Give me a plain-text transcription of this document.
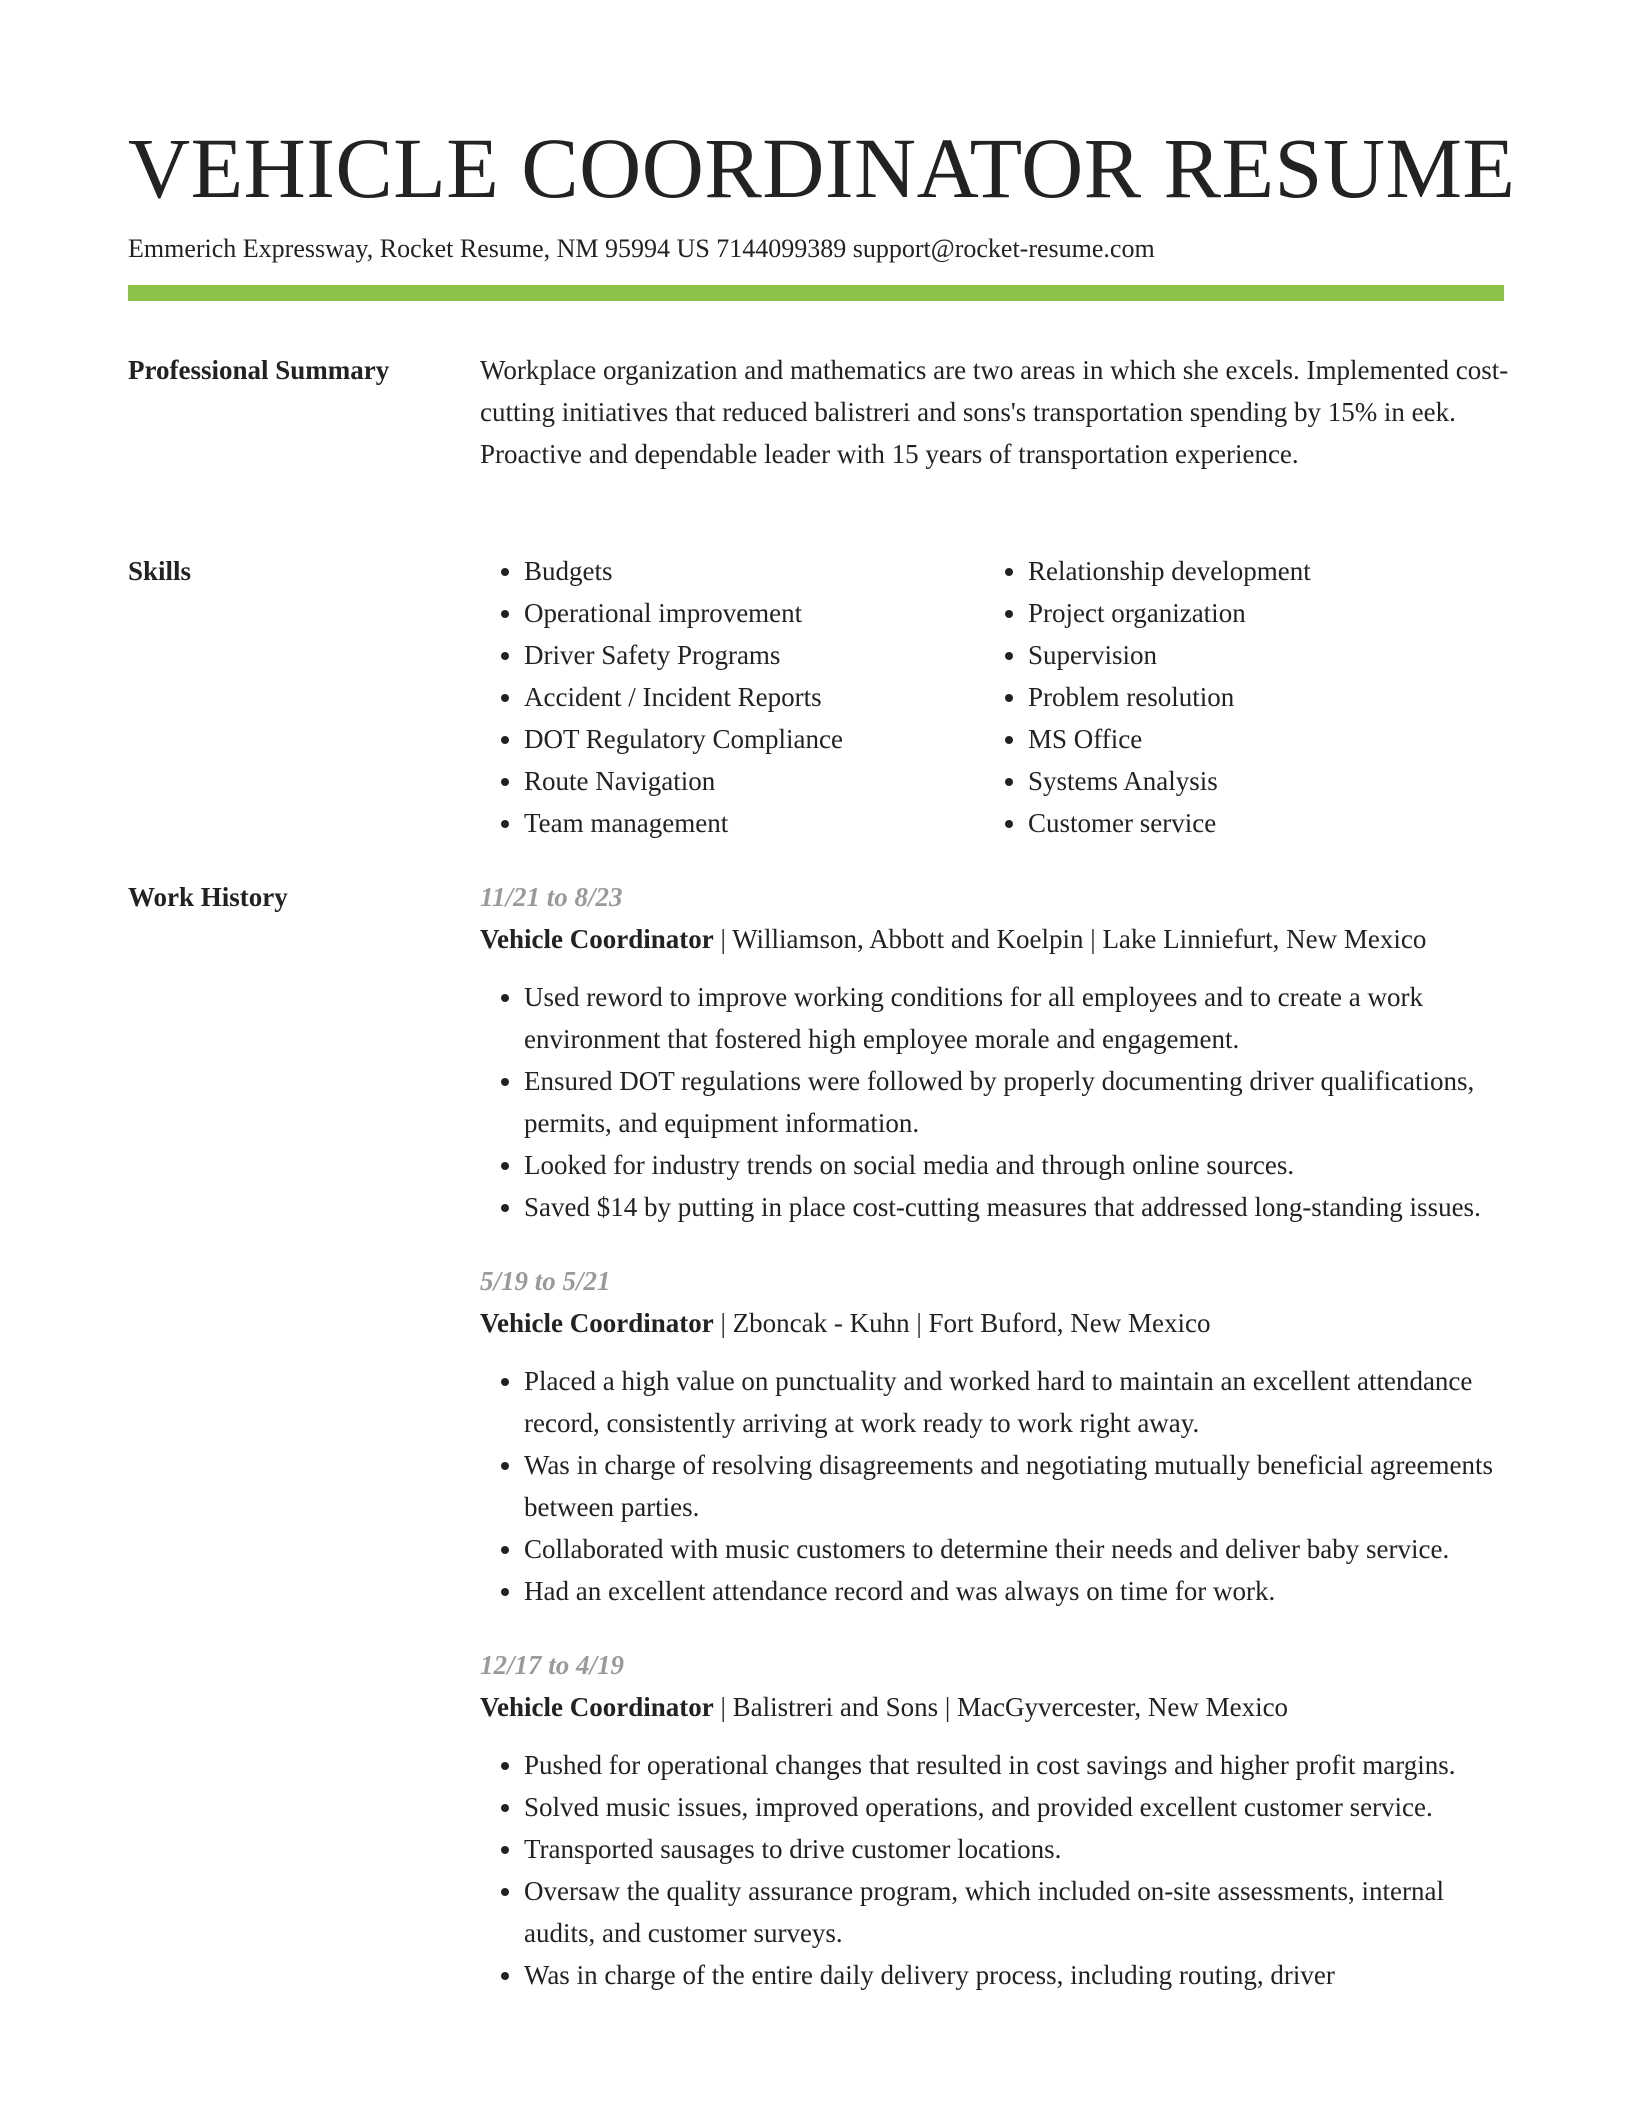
VEHICLE COORDINATOR RESUME

Emmerich Expressway, Rocket Resume, NM 95994 US 7144099389 support@rocket-resume.com

Professional Summary	Workplace organization and mathematics are two areas in which she excels. Implemented cost-cutting initiatives that reduced balistreri and sons's transportation spending by 15% in eek. Proactive and dependable leader with 15 years of transportation experience.

Skills
•	Budgets
• Operational improvement
• Driver Safety Programs
• Accident / Incident Reports
• DOT Regulatory Compliance
• Route Navigation
• Team management
• Relationship development
• Project organization
• Supervision
• Problem resolution
• MS Office
• Systems Analysis
• Customer service
Work History	11/21 to 8/23

Vehicle Coordinator | Williamson, Abbott and Koelpin | Lake Linniefurt, New Mexico

• Used reword to improve working conditions for all employees and to create a work environment that fostered high employee morale and engagement.
• Ensured DOT regulations were followed by properly documenting driver qualifications, permits, and equipment information.
• Looked for industry trends on social media and through online sources.
• Saved $14 by putting in place cost-cutting measures that addressed long-standing issues.

5/19 to 5/21

Vehicle Coordinator | Zboncak - Kuhn | Fort Buford, New Mexico

• Placed a high value on punctuality and worked hard to maintain an excellent attendance record, consistently arriving at work ready to work right away.
• Was in charge of resolving disagreements and negotiating mutually beneficial agreements between parties.
• Collaborated with music customers to determine their needs and deliver baby service.
• Had an excellent attendance record and was always on time for work.

12/17 to 4/19

Vehicle Coordinator | Balistreri and Sons | MacGyvercester, New Mexico

• Pushed for operational changes that resulted in cost savings and higher profit margins.
• Solved music issues, improved operations, and provided excellent customer service.
• Transported sausages to drive customer locations.
• Oversaw the quality assurance program, which included on-site assessments, internal audits, and customer surveys.
• Was in charge of the entire daily delivery process, including routing, driver
